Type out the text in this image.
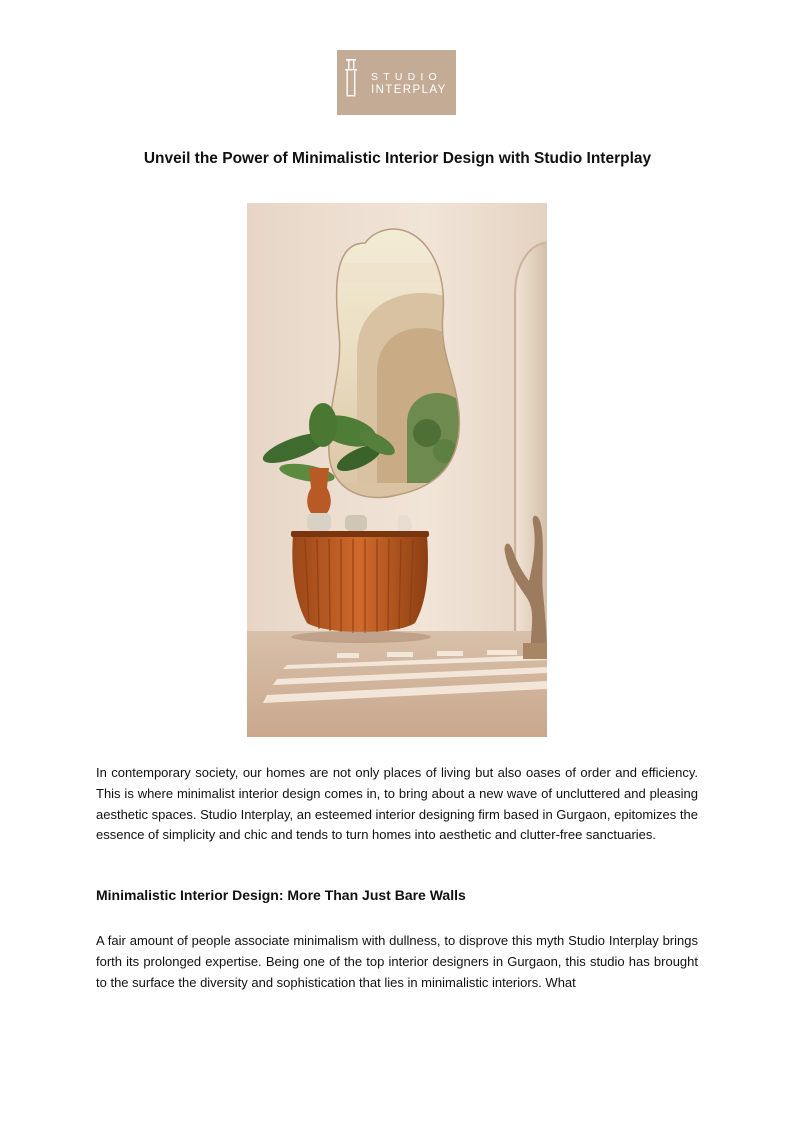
STUDIO
INTERPLAY
Unveil the Power of Minimalistic Interior Design with Studio Interplay

In contemporary society, our homes are not only places of living but also oases of order and efficiency. This is where minimalist interior design comes in, to bring about a new wave of uncluttered and pleasing aesthetic spaces. Studio Interplay, an esteemed interior designing firm based in Gurgaon, epitomizes the essence of simplicity and chic and tends to turn homes into aesthetic and clutter-free sanctuaries.

Minimalistic Interior Design: More Than Just Bare Walls

A fair amount of people associate minimalism with dullness, to disprove this myth Studio Interplay brings forth its prolonged expertise. Being one of the top interior designers in Gurgaon, this studio has brought to the surface the diversity and sophistication that lies in minimalistic interiors. What
